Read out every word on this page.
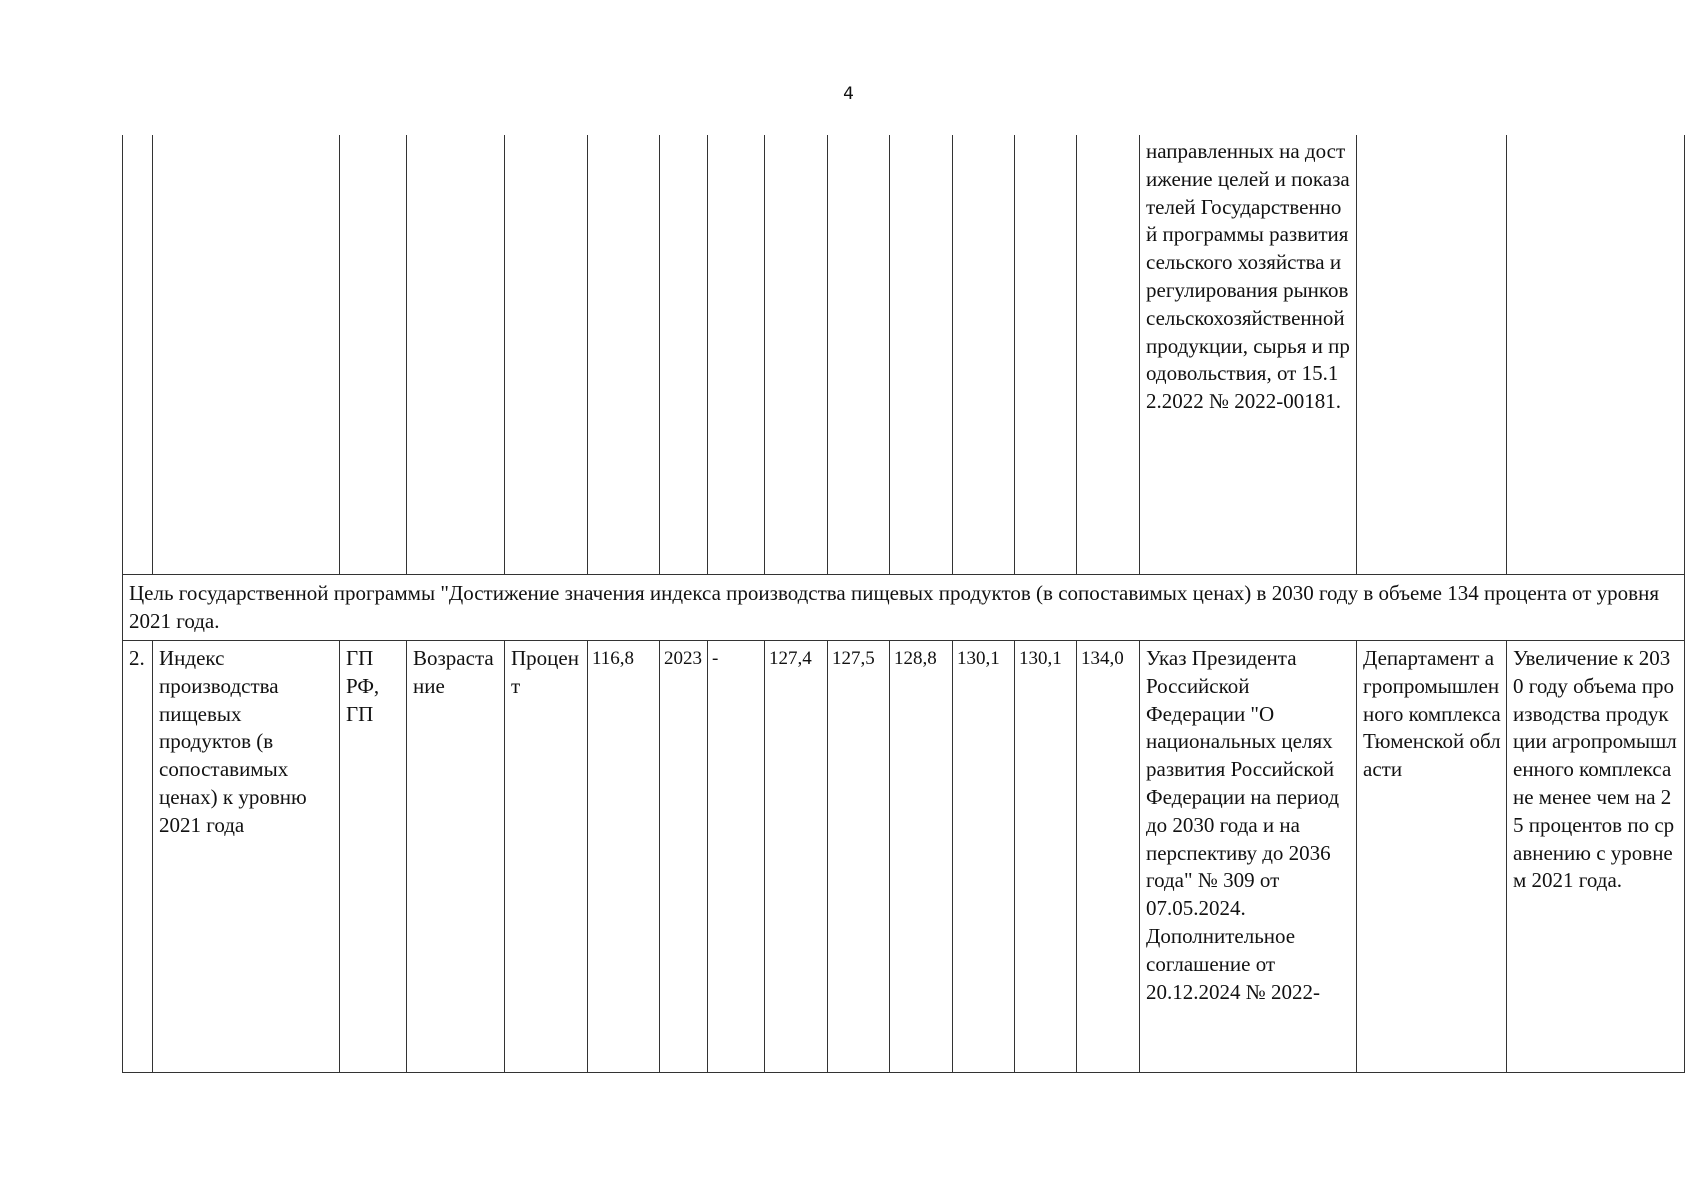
4
														направленных на достижение целей и показателей Государственной программы развития сельского хозяйства и регулирования рынков сельскохозяйственной продукции, сырья и продовольствия, от 15.12.2022 № 2022-00181.		
Цель государственной программы "Достижение значения индекса производства пищевых продуктов (в сопоставимых ценах) в 2030 году в объеме 134 процента от уровня 2021 года.																
2.	Индекс производства пищевых продуктов (в сопоставимых ценах) к уровню 2021 года	ГП РФ, ГП	Возрастание	Процент	116,8	2023	-	127,4	127,5	128,8	130,1	130,1	134,0	Указ Президента Российской Федерации "О национальных целях развития Российской Федерации на период до 2030 года и на перспективу до 2036 года" № 309 от 07.05.2024. Дополнительное соглашение от 20.12.2024 № 2022-	Департамент агропромышленного комплекса Тюменской области	Увеличение к 2030 году объема производства продукции агропромышленного комплекса не менее чем на 25 процентов по сравнению с уровнем 2021 года.
